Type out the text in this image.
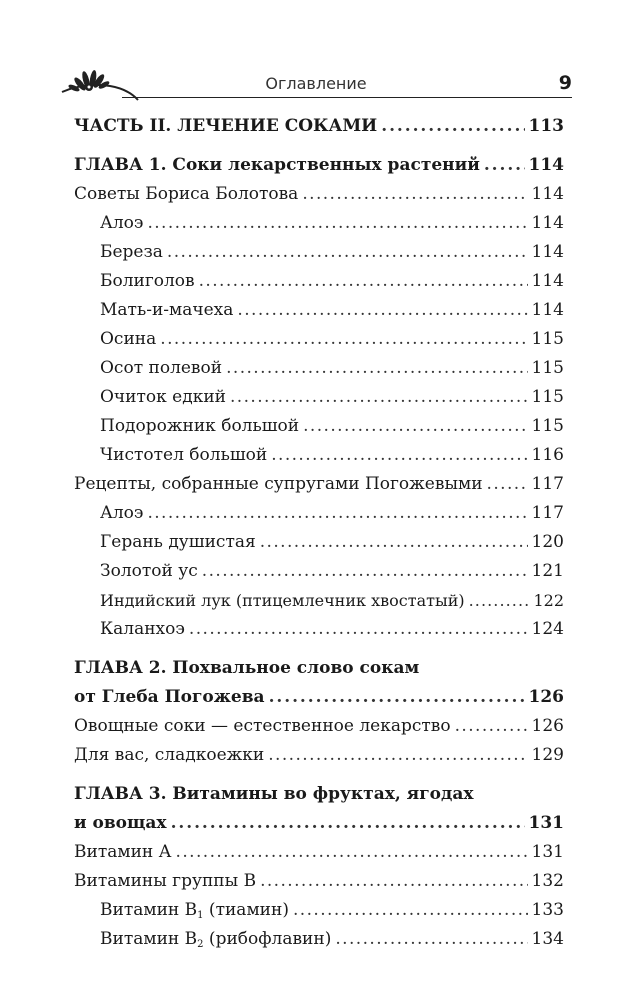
Оглавление	9
ЧАСТЬ II. ЛЕЧЕНИЕ СОКАМИ . . .	113
ГЛАВА 1. Соки лекарственных растений . . .	114
Советы Бориса Болотова . . .	114
Алоэ . . .	114
Береза . . .	114
Болиголов . . .	114
Мать-и-мачеха . . .	114
Осина . . .	115
Осот полевой . . .	115
Очиток едкий . . .	115
Подорожник большой . . .	115
Чистотел большой . . .	116
Рецепты, собранные супругами Погожевыми . . .	117
Алоэ . . .	117
Герань душистая . . .	120
Золотой ус . . .	121
Индийский лук (птицемлечник хвостатый) . . .	122
Каланхоэ . . .	124
ГЛАВА 2. Похвальное слово сокам
от Глеба Погожева . . .	126
Овощные соки — естественное лекарство . . .	126
Для вас, сладкоежки . . .	129
ГЛАВА 3. Витамины во фруктах, ягодах
и овощах . . .	131
Витамин А . . .	131
Витамины группы В . . .	132
Витамин $В_1$ (тиамин) . . .	133
Витамин $В_2$ (рибофлавин) . . .	134
